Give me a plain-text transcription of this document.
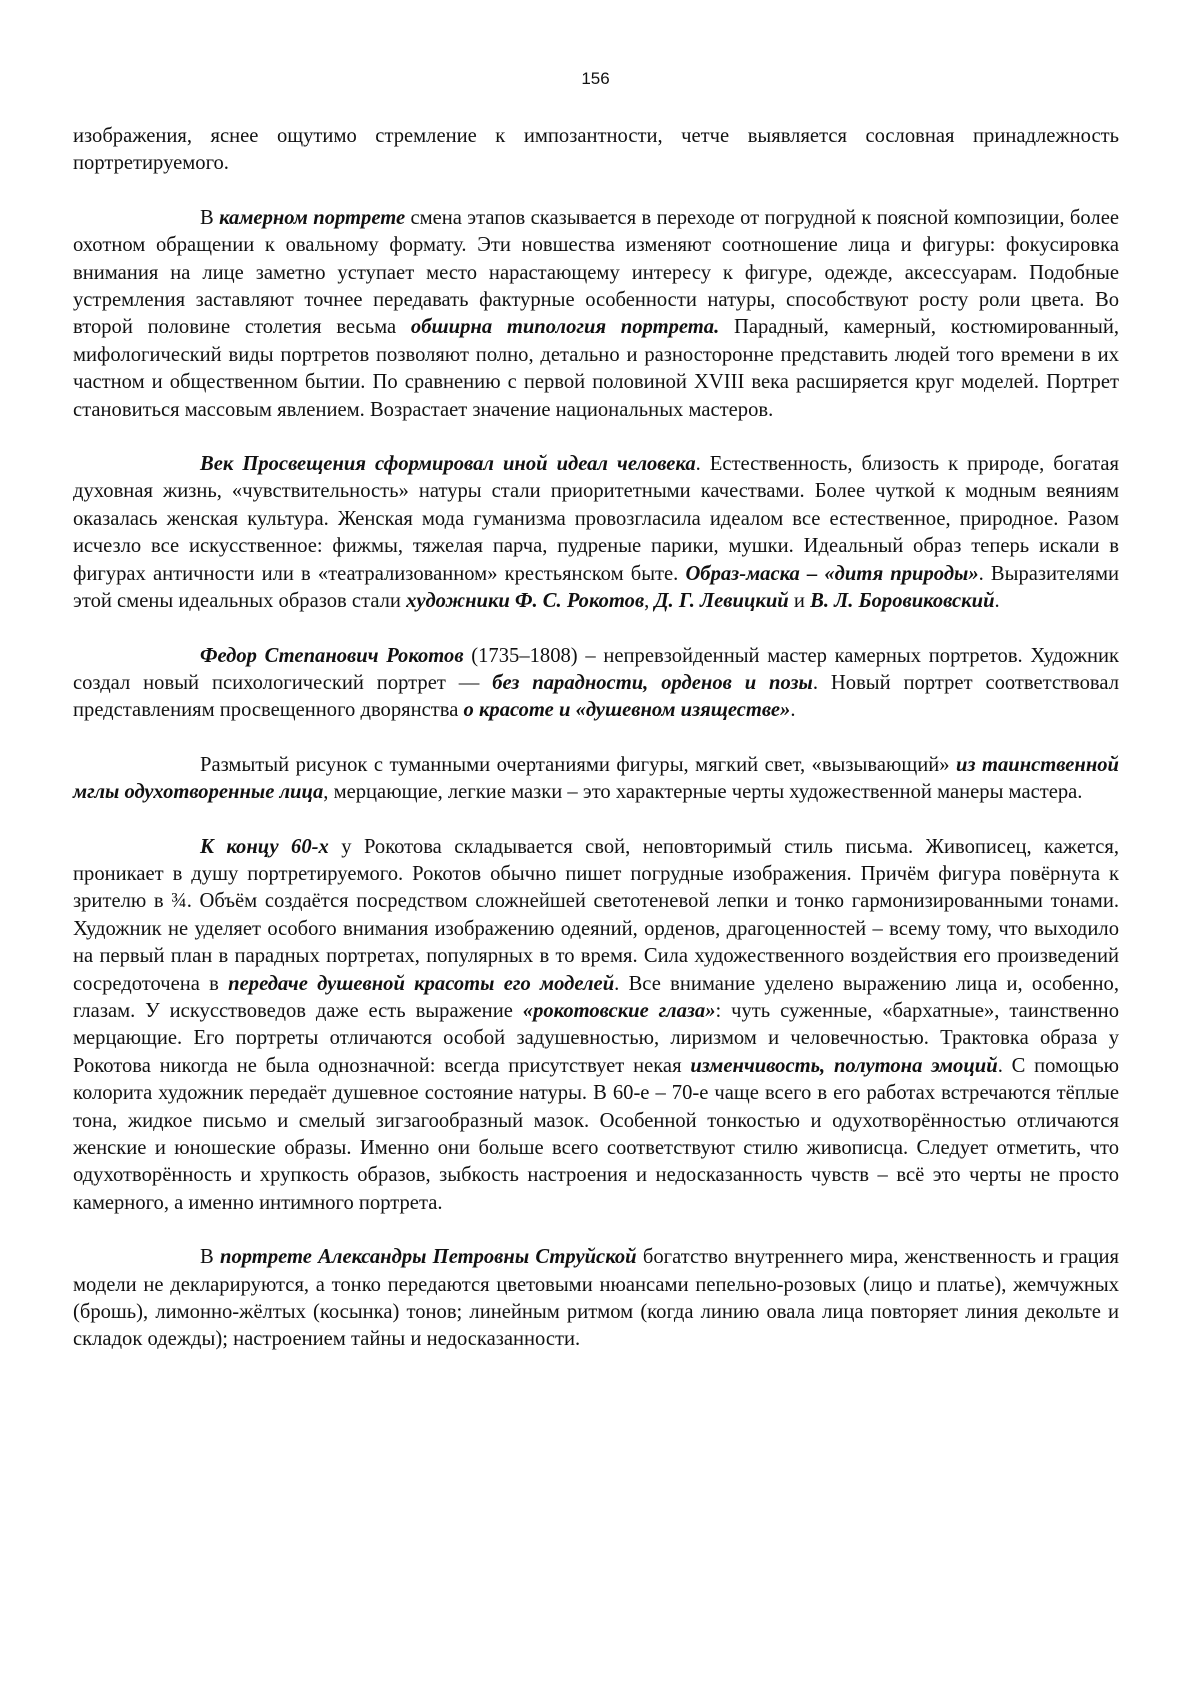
156

изображения, яснее ощутимо стремление к импозантности, четче выявляется сословная принадлежность портретируемого.

В камерном портрете смена этапов сказывается в переходе от погрудной к поясной композиции, более охотном обращении к овальному формату. Эти новшества изменяют соотношение лица и фигуры: фокусировка внимания на лице заметно уступает место нарастающему интересу к фигуре, одежде, аксессуарам. Подобные устремления заставляют точнее передавать фактурные особенности натуры, способствуют росту роли цвета. Во второй половине столетия весьма обширна типология портрета. Парадный, камерный, костюмированный, мифологический виды портретов позволяют полно, детально и разносторонне представить людей того времени в их частном и общественном бытии. По сравнению с первой половиной XVIII века расширяется круг моделей. Портрет становиться массовым явлением. Возрастает значение национальных мастеров.

Век Просвещения сформировал иной идеал человека. Естественность, близость к природе, богатая духовная жизнь, «чувствительность» натуры стали приоритетными качествами. Более чуткой к модным веяниям оказалась женская культура. Женская мода гуманизма провозгласила идеалом все естественное, природное. Разом исчезло все искусственное: фижмы, тяжелая парча, пудреные парики, мушки. Идеальный образ теперь искали в фигурах античности или в «театрализованном» крестьянском быте. Образ-маска – «дитя природы». Выразителями этой смены идеальных образов стали художники Ф. С. Рокотов, Д. Г. Левицкий и В. Л. Боровиковский.

Федор Степанович Рокотов (1735–1808) – непревзойденный мастер камерных портретов. Художник создал новый психологический портрет — без парадности, орденов и позы. Новый портрет соответствовал представлениям просвещенного дворянства о красоте и «душевном изяществе».

Размытый рисунок с туманными очертаниями фигуры, мягкий свет, «вызывающий» из таинственной мглы одухотворенные лица, мерцающие, легкие мазки – это характерные черты художественной манеры мастера.

К концу 60-х у Рокотова складывается свой, неповторимый стиль письма. Живописец, кажется, проникает в душу портретируемого. Рокотов обычно пишет погрудные изображения. Причём фигура повёрнута к зрителю в ¾. Объём создаётся посредством сложнейшей светотеневой лепки и тонко гармонизированными тонами. Художник не уделяет особого внимания изображению одеяний, орденов, драгоценностей – всему тому, что выходило на первый план в парадных портретах, популярных в то время. Сила художественного воздействия его произведений сосредоточена в передаче душевной красоты его моделей. Все внимание уделено выражению лица и, особенно, глазам. У искусствоведов даже есть выражение «рокотовские глаза»: чуть суженные, «бархатные», таинственно мерцающие. Его портреты отличаются особой задушевностью, лиризмом и человечностью. Трактовка образа у Рокотова никогда не была однозначной: всегда присутствует некая изменчивость, полутона эмоций. С помощью колорита художник передаёт душевное состояние натуры. В 60-е – 70-е чаще всего в его работах встречаются тёплые тона, жидкое письмо и смелый зигзагообразный мазок. Особенной тонкостью и одухотворённостью отличаются женские и юношеские образы. Именно они больше всего соответствуют стилю живописца. Следует отметить, что одухотворённость и хрупкость образов, зыбкость настроения и недосказанность чувств – всё это черты не просто камерного, а именно интимного портрета.

В портрете Александры Петровны Струйской богатство внутреннего мира, женственность и грация модели не декларируются, а тонко передаются цветовыми нюансами пепельно-розовых (лицо и платье), жемчужных (брошь), лимонно-жёлтых (косынка) тонов; линейным ритмом (когда линию овала лица повторяет линия декольте и складок одежды); настроением тайны и недосказанности.
